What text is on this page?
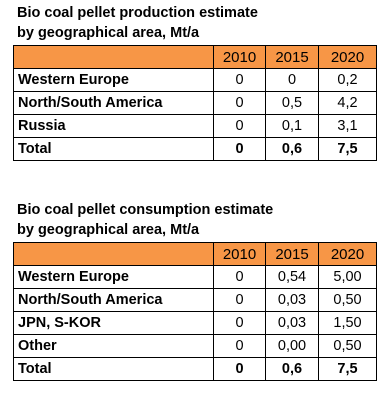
Bio coal pellet production estimate
by geographical area, Mt/a
	2010	2015	2020
Western Europe	0	0	0,2
North/South America	0	0,5	4,2
Russia	0	0,1	3,1
Total	0	0,6	7,5
Bio coal pellet consumption estimate
by geographical area, Mt/a
	2010	2015	2020
Western Europe	0	0,54	5,00
North/South America	0	0,03	0,50
JPN, S-KOR	0	0,03	1,50
Other	0	0,00	0,50
Total	0	0,6	7,5
